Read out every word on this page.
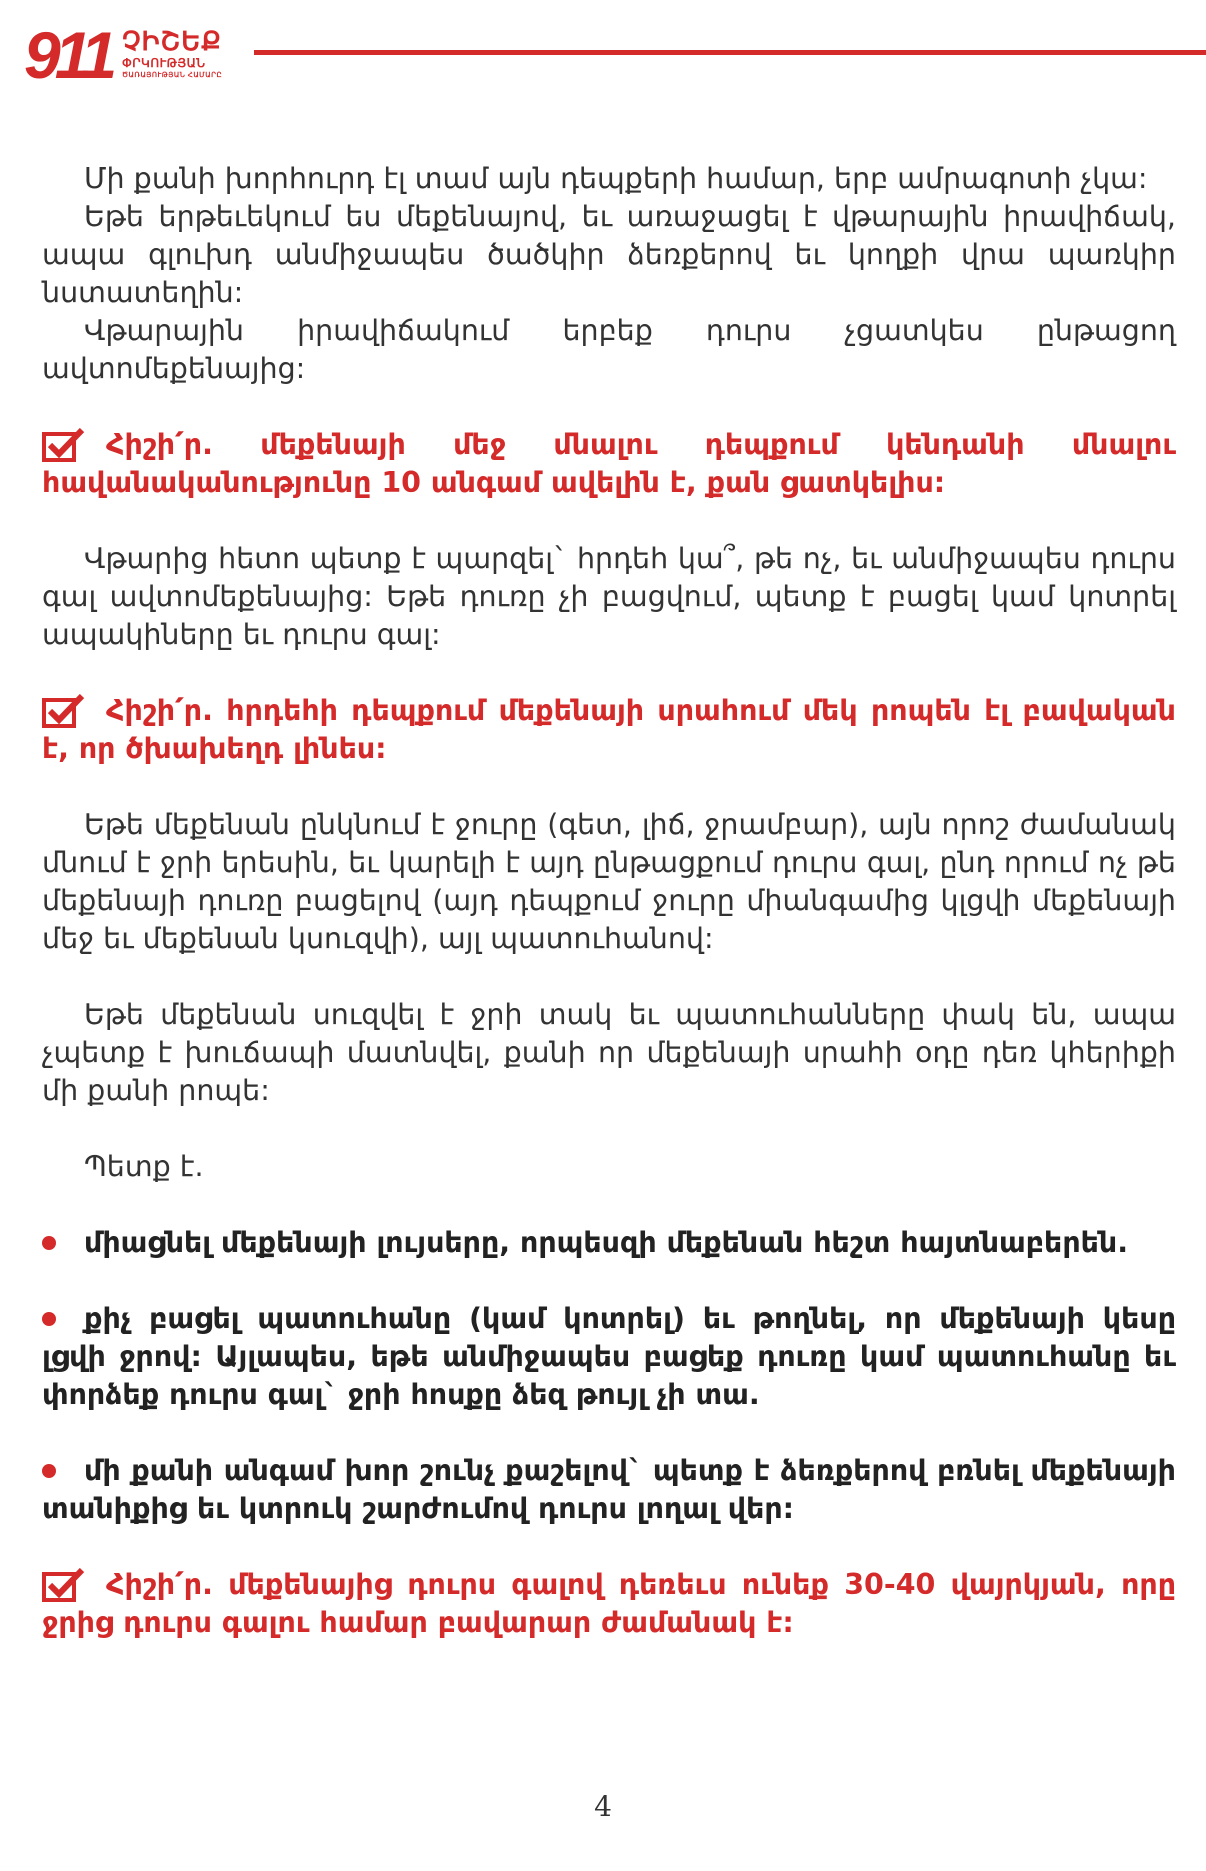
911 ՉԻՇԵՔ
ՓՐԿՈՒԹՅԱՆ
ԾԱՌԱՅՈՒԹՅԱՆ ՀԱՄԱՐԸ

Մի քանի խորհուրդ էլ տամ այն դեպքերի համար, երբ ամրագոտի չկա:

Եթե երթեւեկում ես մեքենայով, եւ առաջացել է վթարային իրավիճակ, ապա գլուխդ անմիջապես ծածկիր ձեռքերով եւ կողքի վրա պառկիր նստատեղին:

Վթարային իրավիճակում երբեք դուրս չցատկես ընթացող ավտոմեքենայից:

Հիշի՛ր. մեքենայի մեջ մնալու դեպքում կենդանի մնալու հավանականությունը 10 անգամ ավելին է, քան ցատկելիս:

Վթարից հետո պետք է պարզել` հրդեհ կա՞, թե ոչ, եւ անմիջապես դուրս գալ ավտոմեքենայից: Եթե դուռը չի բացվում, պետք է բացել կամ կոտրել ապակիները եւ դուրս գալ:

Հիշի՛ր. հրդեհի դեպքում մեքենայի սրահում մեկ րոպեն էլ բավական է, որ ծխախեղդ լինես:

Եթե մեքենան ընկնում է ջուրը (գետ, լիճ, ջրամբար), այն որոշ ժամանակ մնում է ջրի երեսին, եւ կարելի է այդ ընթացքում դուրս գալ, ընդ որում ոչ թե մեքենայի դուռը բացելով (այդ դեպքում ջուրը միանգամից կլցվի մեքենայի մեջ եւ մեքենան կսուզվի), այլ պատուհանով:

Եթե մեքենան սուզվել է ջրի տակ եւ պատուհանները փակ են, ապա չպետք է խուճապի մատնվել, քանի որ մեքենայի սրահի օդը դեռ կհերիքի մի քանի րոպե:

Պետք է.

միացնել մեքենայի լույսերը, որպեսզի մեքենան հեշտ հայտնաբերեն.
քիչ բացել պատուհանը (կամ կոտրել) եւ թողնել, որ մեքենայի կեսը լցվի ջրով: Այլապես, եթե անմիջապես բացեք դուռը կամ պատուհանը եւ փորձեք դուրս գալ` ջրի հոսքը ձեզ թույլ չի տա.
մի քանի անգամ խոր շունչ քաշելով` պետք է ձեռքերով բռնել մեքենայի տանիքից եւ կտրուկ շարժումով դուրս լողալ վեր:
Հիշի՛ր. մեքենայից դուրս գալով դեռեւս ունեք 30-40 վայրկյան, որը ջրից դուրս գալու համար բավարար ժամանակ է:
4
